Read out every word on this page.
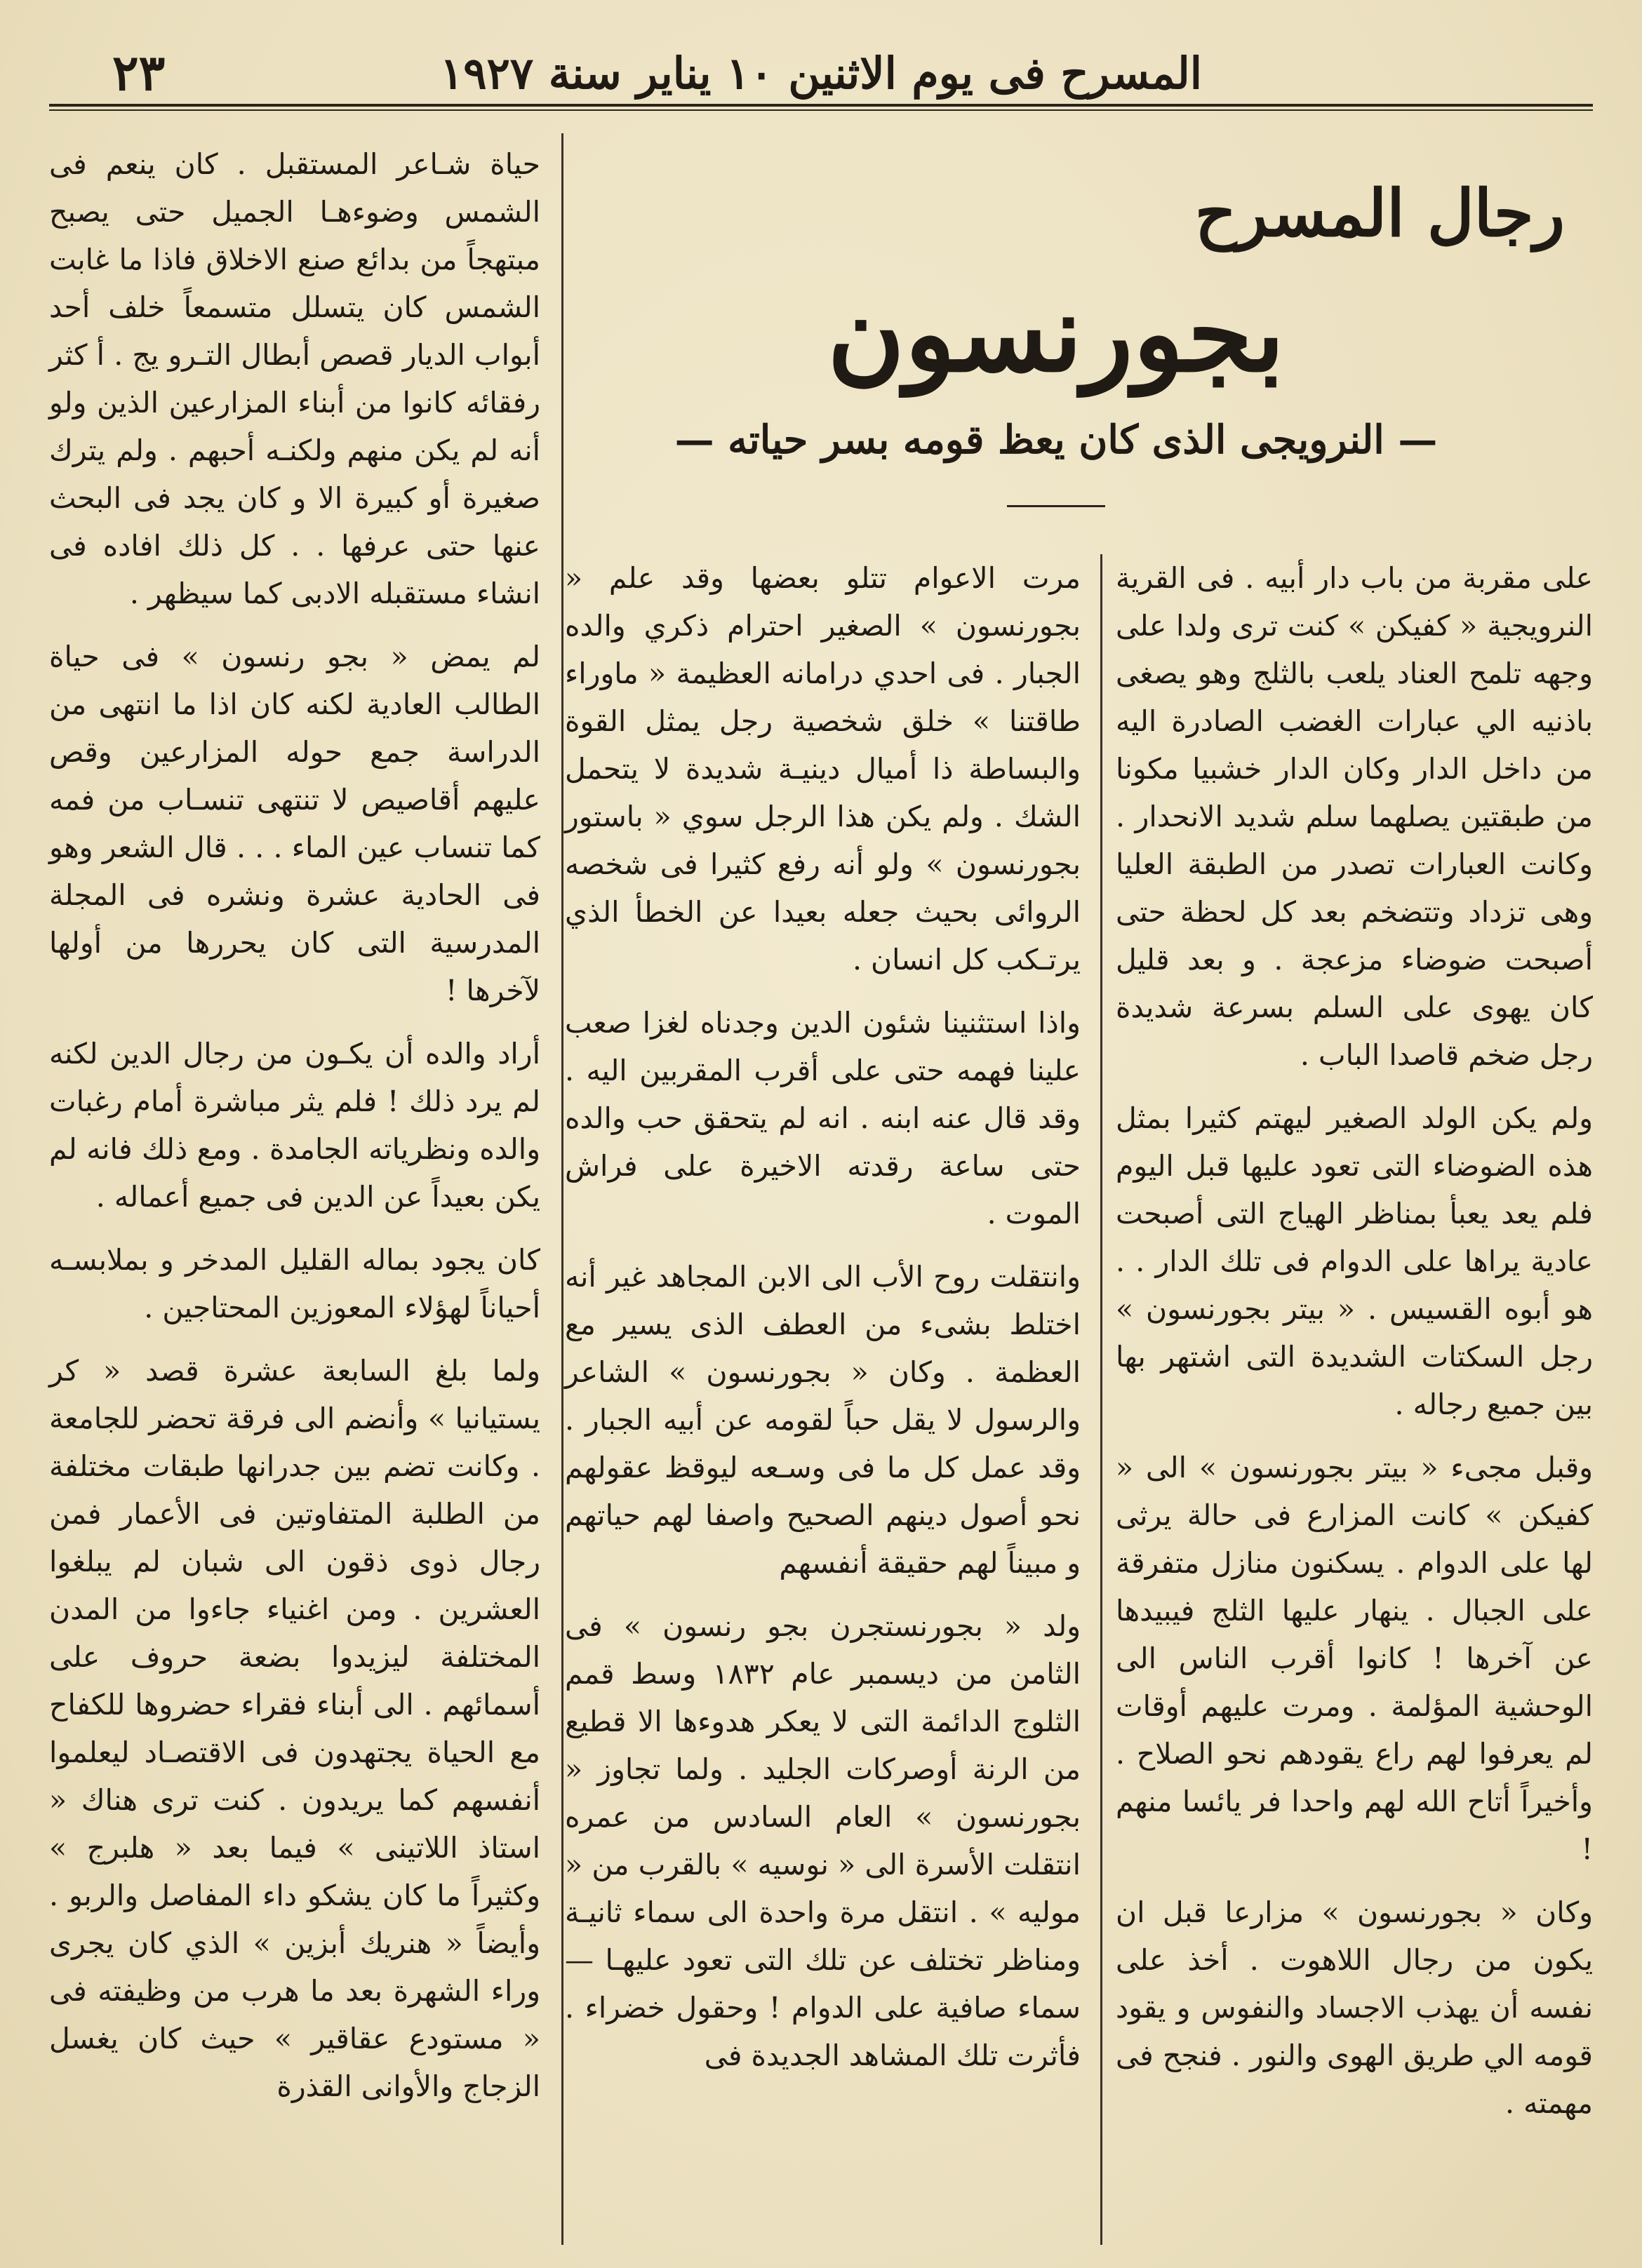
٢٣	المسرح فى يوم الاثنين ١٠ يناير سنة ١٩٢٧
رجال المسرح
بجورنسون
— النرويجى الذى كان يعظ قومه بسر حياته —

على مقربة من باب دار أبيه . فى القرية النرويجية « كفيكن » كنت ترى ولدا على وجهه تلمح العناد يلعب بالثلج وهو يصغى باذنيه الي عبارات الغضب الصادرة اليه من داخل الدار وكان الدار خشبيا مكونا من طبقتين يصلهما سلم شديد الانحدار . وكانت العبارات تصدر من الطبقة العليا وهى تزداد وتتضخم بعد كل لحظة حتى أصبحت ضوضاء مزعجة . و بعد قليل كان يهوى على السلم بسرعة شديدة رجل ضخم قاصدا الباب .

ولم يكن الولد الصغير ليهتم كثيرا بمثل هذه الضوضاء التى تعود عليها قبل اليوم فلم يعد يعبأ بمناظر الهياج التى أصبحت عادية يراها على الدوام فى تلك الدار . . هو أبوه القسيس . « بيتر بجورنسون » رجل السكتات الشديدة التى اشتهر بها بين جميع رجاله .

وقبل مجىء « بيتر بجورنسون » الى « كفيكن » كانت المزارع فى حالة يرثى لها على الدوام . يسكنون منازل متفرقة على الجبال . ينهار عليها الثلج فيبيدها عن آخرها ! كانوا أقرب الناس الى الوحشية المؤلمة . ومرت عليهم أوقات لم يعرفوا لهم راع يقودهم نحو الصلاح . وأخيراً أتاح الله لهم واحدا فر يائسا منهم !

وكان « بجورنسون » مزارعا قبل ان يكون من رجال اللاهوت . أخذ على نفسه أن يهذب الاجساد والنفوس و يقود قومه الي طريق الهوى والنور . فنجح فى مهمته .

مرت الاعوام تتلو بعضها وقد علم « بجورنسون » الصغير احترام ذكري والده الجبار . فى احدي درامانه العظيمة « ماوراء طاقتنا » خلق شخصية رجل يمثل القوة والبساطة ذا أميال دينيـة شديدة لا يتحمل الشك . ولم يكن هذا الرجل سوي « باستور بجورنسون » ولو أنه رفع كثيرا فى شخصه الروائى بحيث جعله بعيدا عن الخطأ الذي يرتـكب كل انسان .

واذا استثنينا شئون الدين وجدناه لغزا صعب علينا فهمه حتى على أقرب المقربين اليه . وقد قال عنه ابنه . انه لم يتحقق حب والده حتى ساعة رقدته الاخيرة على فراش الموت .

وانتقلت روح الأب الى الابن المجاهد غير أنه اختلط بشىء من العطف الذى يسير مع العظمة . وكان « بجورنسون » الشاعر والرسول لا يقل حباً لقومه عن أبيه الجبار . وقد عمل كل ما فى وسـعه ليوقظ عقولهم نحو أصول دينهم الصحيح واصفا لهم حياتهم و مبيناً لهم حقيقة أنفسهم

ولد « بجورنستجرن بجو رنسون » فى الثامن من ديسمبر عام ١٨٣٢ وسط قمم الثلوج الدائمة التى لا يعكر هدوءها الا قطيع من الرنة أوصركات الجليد . ولما تجاوز « بجورنسون » العام السادس من عمره انتقلت الأسرة الى « نوسيه » بالقرب من « موليه » . انتقل مرة واحدة الى سماء ثانيـة ومناظر تختلف عن تلك التى تعود عليهـا — سماء صافية على الدوام ! وحقول خضراء . فأثرت تلك المشاهد الجديدة فى

حياة شـاعر المستقبل . كان ينعم فى الشمس وضوءهـا الجميل حتى يصبح مبتهجاً من بدائع صنع الاخلاق فاذا ما غابت الشمس كان يتسلل متسمعاً خلف أحد أبواب الديار قصص أبطال التـرو يج . أ كثر رفقائه كانوا من أبناء المزارعين الذين ولو أنه لم يكن منهم ولكنـه أحبهم . ولم يترك صغيرة أو كبيرة الا و كان يجد فى البحث عنها حتى عرفها . . كل ذلك افاده فى انشاء مستقبله الادبى كما سيظهر .

لم يمض « بجو رنسون » فى حياة الطالب العادية لكنه كان اذا ما انتهى من الدراسة جمع حوله المزارعين وقص عليهم أقاصيص لا تنتهى تنسـاب من فمه كما تنساب عين الماء . . . قال الشعر وهو فى الحادية عشرة ونشره فى المجلة المدرسية التى كان يحررها من أولها لآخرها !

أراد والده أن يكـون من رجال الدين لكنه لم يرد ذلك ! فلم يثر مباشرة أمام رغبات والده ونظرياته الجامدة . ومع ذلك فانه لم يكن بعيداً عن الدين فى جميع أعماله .

كان يجود بماله القليل المدخر و بملابسـه أحياناً لهؤلاء المعوزين المحتاجين .

ولما بلغ السابعة عشرة قصد « كر يستيانيا » وأنضم الى فرقة تحضر للجامعة . وكانت تضم بين جدرانها طبقات مختلفة من الطلبة المتفاوتين فى الأعمار فمن رجال ذوى ذقون الى شبان لم يبلغوا العشرين . ومن اغنياء جاءوا من المدن المختلفة ليزيدوا بضعة حروف على أسمائهم . الى أبناء فقراء حضروها للكفاح مع الحياة يجتهدون فى الاقتصـاد ليعلموا أنفسهم كما يريدون . كنت ترى هناك « استاذ اللاتينى » فيما بعد « هلبرج » وكثيراً ما كان يشكو داء المفاصل والربو . وأيضاً « هنريك أبزين » الذي كان يجرى وراء الشهرة بعد ما هرب من وظيفته فى « مستودع عقاقير » حيث كان يغسل الزجاج والأوانى القذرة
